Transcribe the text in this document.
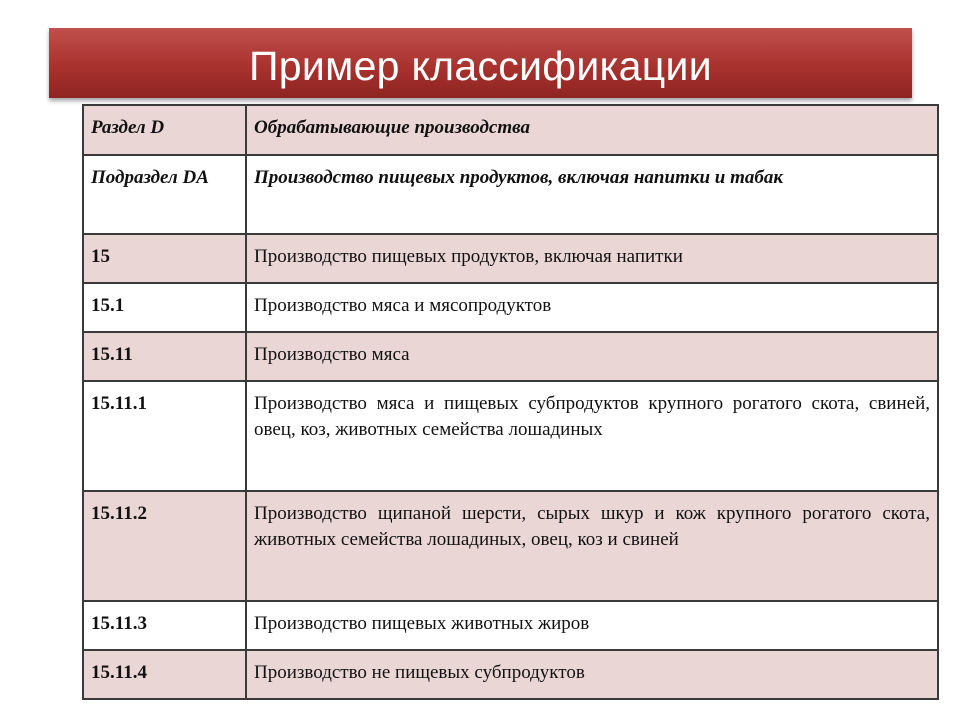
Пример классификации
Раздел D	Обрабатывающие производства
Подраздел DA	Производство пищевых продуктов, включая напитки и табак
15	Производство пищевых продуктов, включая напитки
15.1	Производство мяса и мясопродуктов
15.11	Производство мяса
15.11.1	Производство мяса и пищевых субпродуктов крупного рогатого скота, свиней, овец, коз, животных семейства лошадиных
15.11.2	Производство щипаной шерсти, сырых шкур и кож крупного рогатого скота, животных семейства лошадиных, овец, коз и свиней
15.11.3	Производство пищевых животных жиров
15.11.4	Производство не пищевых субпродуктов
